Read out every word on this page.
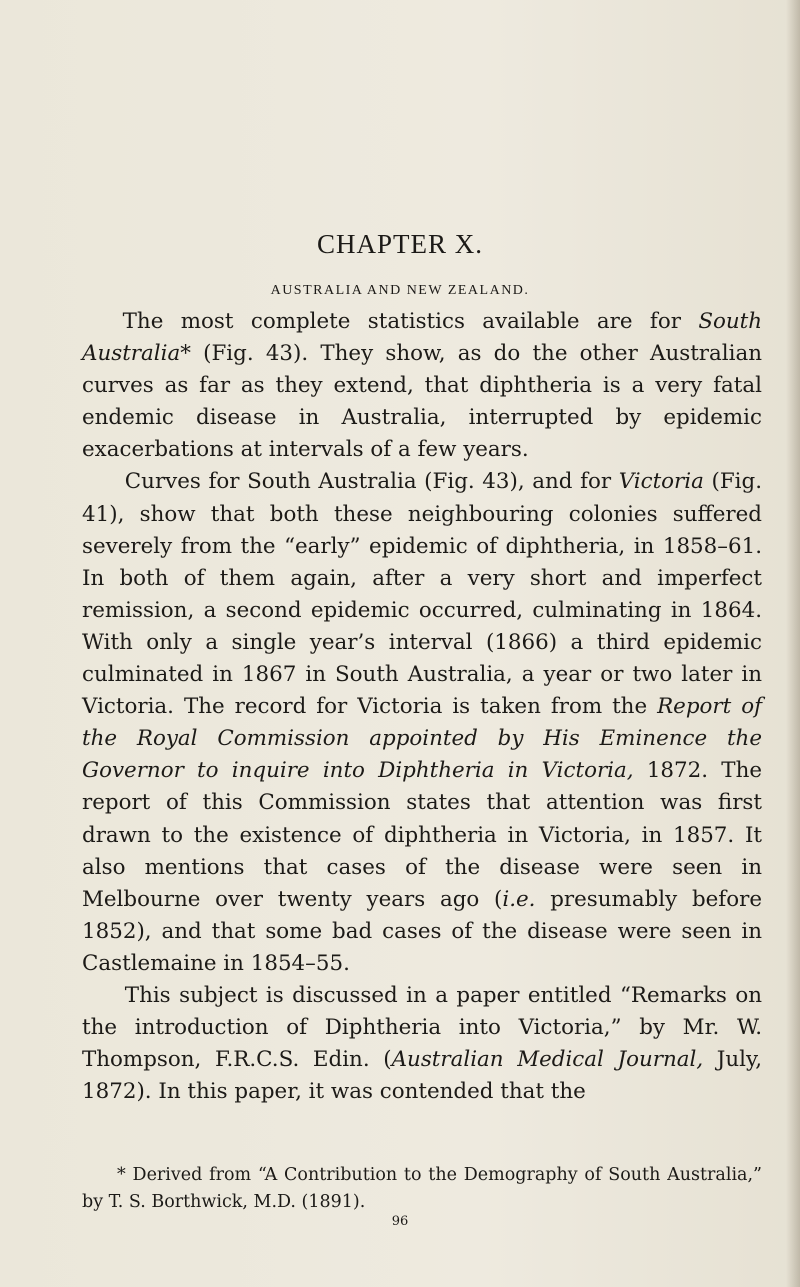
CHAPTER X.
AUSTRALIA AND NEW ZEALAND.

The most complete statistics available are for South Australia* (Fig. 43). They show, as do the other Australian curves as far as they extend, that diphtheria is a very fatal endemic disease in Australia, interrupted by epidemic exacerbations at intervals of a few years.

Curves for South Australia (Fig. 43), and for Victoria (Fig. 41), show that both these neighbouring colonies suffered severely from the “early” epidemic of diphtheria, in 1858–61. In both of them again, after a very short and imperfect remission, a second epidemic occurred, culminating in 1864. With only a single year’s interval (1866) a third epidemic culminated in 1867 in South Australia, a year or two later in Victoria. The record for Victoria is taken from the Report of the Royal Commission appointed by His Eminence the Governor to inquire into Diphtheria in Victoria, 1872. The report of this Commission states that attention was first drawn to the existence of diphtheria in Victoria, in 1857. It also mentions that cases of the disease were seen in Melbourne over twenty years ago (i.e. presumably before 1852), and that some bad cases of the disease were seen in Castlemaine in 1854–55.

This subject is discussed in a paper entitled “Remarks on the introduction of Diphtheria into Victoria,” by Mr. W. Thompson, F.R.C.S. Edin. (Australian Medical Journal, July, 1872). In this paper, it was contended that the

* Derived from “A Contribution to the Demography of South Australia,” by T. S. Borthwick, M.D. (1891).

96
